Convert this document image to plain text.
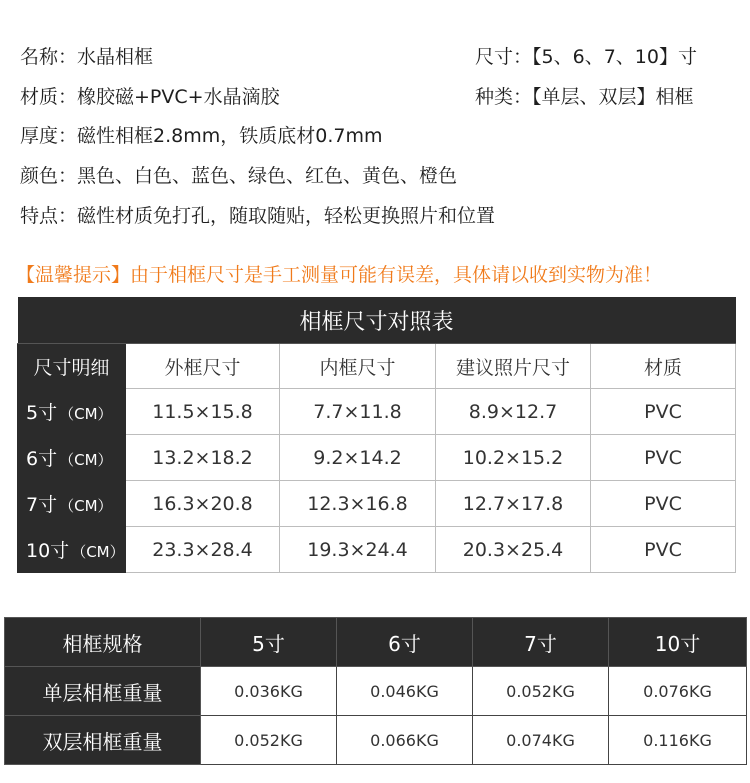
名称：水晶相框	尺寸：【5、6、7、10】寸
材质：橡胶磁+PVC+水晶滴胶	种类：【单层、双层】相框
厚度：磁性相框2.8mm，铁质底材0.7mm
颜色：黑色、白色、蓝色、绿色、红色、黄色、橙色
特点：磁性材质免打孔，随取随贴，轻松更换照片和位置
【温馨提示】由于相框尺寸是手工测量可能有误差，具体请以收到实物为准！
相框尺寸对照表				
尺寸明细	外框尺寸	内框尺寸	建议照片尺寸	材质
5寸 （CM）	11.5×15.8	7.7×11.8	8.9×12.7	PVC
6寸 （CM）	13.2×18.2	9.2×14.2	10.2×15.2	PVC
7寸 （CM）	16.3×20.8	12.3×16.8	12.7×17.8	PVC
10寸 （CM）	23.3×28.4	19.3×24.4	20.3×25.4	PVC
相框规格	5寸	6寸	7寸	10寸
单层相框重量	0.036KG	0.046KG	0.052KG	0.076KG
双层相框重量	0.052KG	0.066KG	0.074KG	0.116KG
